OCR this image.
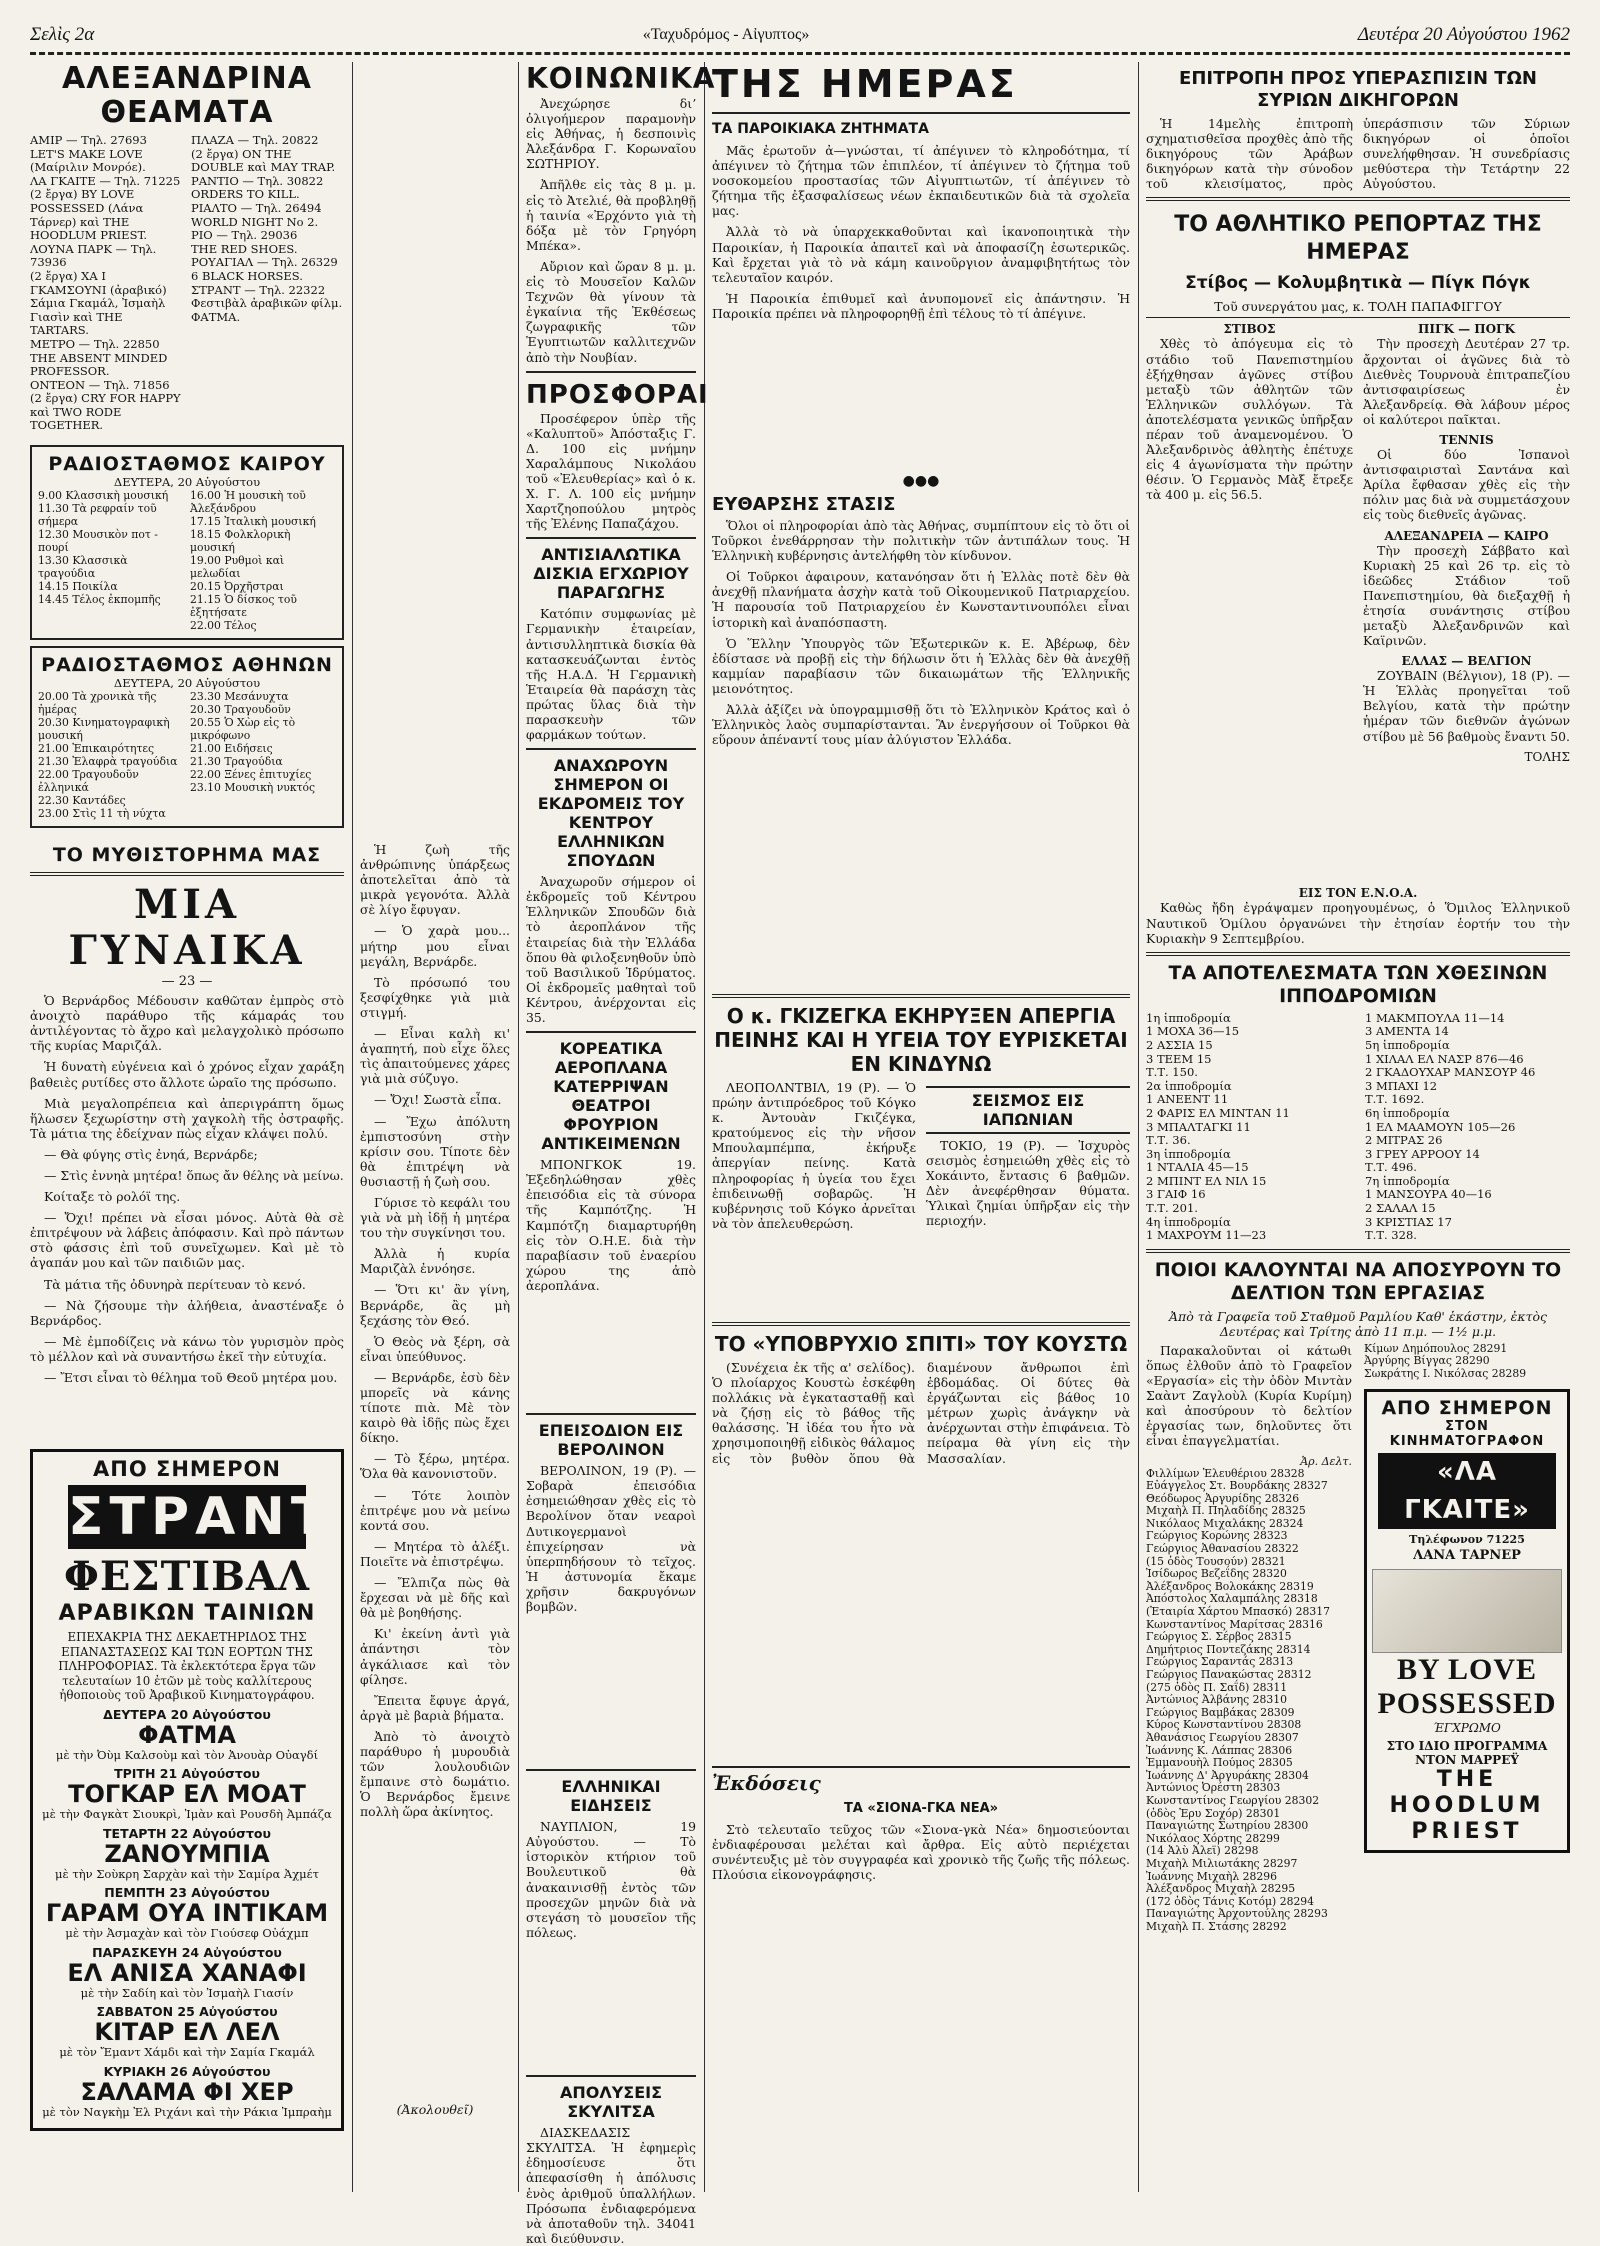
Σελὶς 2α	«Ταχυδρόμος - Αἰγυπτος»	Δευτέρα 20 Αὐγούστου 1962
ΑΛΕΞΑΝΔΡΙΝΑ ΘΕΑΜΑΤΑ
ΑΜΙΡ — Τηλ. 27693
LET'S MAKE LOVE (Μαίριλιν Μονρόε).
ΛΑ ΓΚΑΙΤΕ — Τηλ. 71225
(2 ἔργα) BY LOVE POSSESSED (Λάνα Τάρνερ) καὶ THE HOODLUM PRIEST.
ΛΟΥΝΑ ΠΑΡΚ — Τηλ. 73936
(2 ἔργα) ΧΑ Ι ΓΚΑΜΣΟΥΝΙ (ἀραβικό) Σάμια Γκαμάλ, Ἰσμαὴλ Γιασὶν καὶ THE TARTARS.
ΜΕΤΡΟ — Τηλ. 22850
THE ABSENT MINDED PROFESSOR.
ΟΝΤΕΟΝ — Τηλ. 71856
(2 ἔργα) CRY FOR HAPPY καὶ TWO RODE TOGETHER.
ΠΛΑΖΑ — Τηλ. 20822
(2 ἔργα) ON THE DOUBLE καὶ MAY TRAP.
ΡΑΝΤΙΟ — Τηλ. 30822
ORDERS TO KILL.
ΡΙΑΛΤΟ — Τηλ. 26494
WORLD NIGHT No 2.
ΡΙΟ — Τηλ. 29036
THE RED SHOES.
ΡΟΥΑΓΙΑΛ — Τηλ. 26329
6 BLACK HORSES.
ΣΤΡΑΝΤ — Τηλ. 22322
Φεστιβὰλ ἀραβικῶν φίλμ. ΦΑΤΜΑ.
ΡΑΔΙΟΣΤΑΘΜΟΣ ΚΑΙΡΟΥ
ΔΕΥΤΕΡΑ, 20 Αὐγούστου
9.00 Κλασσικὴ μουσική
11.30 Τὰ ρεφραίν τοῦ σήμερα
12.30 Μουσικὸν ποτ - πουρί
13.30 Κλασσικὰ τραγούδια
14.15 Ποικίλα
14.45 Τέλος ἐκπομπῆς
16.00 Ἡ μουσικὴ τοῦ Ἀλεξάνδρου
17.15 Ἰταλικὴ μουσική
18.15 Φολκλορικὴ μουσική
19.00 Ρυθμοὶ καὶ μελωδίαι
20.15 Ὀρχῆστραι
21.15 Ὁ δίσκος τοῦ ἐξητήσατε
22.00 Τέλος
ΡΑΔΙΟΣΤΑΘΜΟΣ ΑΘΗΝΩΝ
ΔΕΥΤΕΡΑ, 20 Αὐγούστου
20.00 Τὰ χρονικὰ τῆς ἡμέρας
20.30 Κινηματογραφικὴ μουσική
21.00 Ἐπικαιρότητες
21.30 Ἐλαφρὰ τραγούδια
22.00 Τραγουδοῦν ἐλληνικά
22.30 Καντάδες
23.00 Στὶς 11 τὴ νύχτα
23.30 Μεσάνυχτα
20.30 Τραγουδοῦν
20.55 Ὁ Χὼρ εἰς τὸ μικρόφωνο
21.00 Ειδήσεις
21.30 Τραγούδια
22.00 Ξένες ἐπιτυχίες
23.10 Μουσικὴ νυκτός
ΤΟ ΜΥΘΙΣΤΟΡΗΜΑ ΜΑΣ
ΜΙΑ ΓΥΝΑΙΚΑ
— 23 —

Ὁ Βερνάρδος Μέδουσιν καθῶταν ἐμπρὸς στὸ ἀνοιχτὸ παράθυρο τῆς κάμαράς του ἀντιλέγοντας τὸ ἄχρο καὶ μελαγχολικὸ πρόσωπο τῆς κυρίας Μαριζάλ.

Ἡ δυνατὴ εὐγένεια καὶ ὁ χρόνος εἶχαν χαράξη βαθειὲς ρυτίδες στο ἄλλοτε ὡραῖο της πρόσωπο.

Μιὰ μεγαλοπρέπεια καὶ ἀπεριγράπτη ὅμως ἥλωσεν ξεχωρίστην στὴ χαγκολὴ τῆς ὀστραφῆς. Τὰ μάτια της ἐδείχναν πὼς εἶχαν κλάψει πολύ.

— Θὰ φύγης στὶς ἐνηά, Βερνάρδε;

— Στὶς ἐννηὰ μητέρα! ὅπως ἄν θέλης νὰ μείνω.

Κοίταξε τὸ ρολόϊ της.

— Ὄχι! πρέπει νὰ εἶσαι μόνος. Αὐτὰ θὰ σὲ ἐπιτρέψουν νὰ λάβεις ἀπόφασιν. Καὶ πρὸ πάντων στὸ φάσσις ἐπὶ τοῦ συνεῖχωμεν. Καὶ μὲ τὸ ἀγαπάν μου καὶ τῶν παιδιῶν μας.

Τὰ μάτια τῆς ὀδυνηρὰ περίτευαν τὸ κενό.

— Νὰ ζήσουμε τὴν ἀλήθεια, ἀναστέναξε ὁ Βερνάρδος.

— Μὲ ἐμποδίζεις νὰ κάνω τὸν γυρισμὸν πρὸς τὸ μέλλον καὶ νὰ συναντήσω ἐκεῖ τὴν εὐτυχία.

— Ἔτσι εἶναι τὸ θέλημα τοῦ Θεοῦ μητέρα μου.

ΑΠΟ ΣΗΜΕΡΟΝ
ΣΤΡΑΝΤ
ΦΕΣΤΙΒΑΛ
ΑΡΑΒΙΚΩΝ ΤΑΙΝΙΩΝ
ΕΠΕΧΑΚΡΙΑ ΤΗΣ ΔΕΚΑΕΤΗΡΙΔΟΣ ΤΗΣ ΕΠΑΝΑΣΤΑΣΕΩΣ ΚΑΙ ΤΩΝ ΕΟΡΤΩΝ ΤΗΣ ΠΛΗΡΟΦΟΡΙΑΣ. Τὰ ἐκλεκτότερα ἔργα τῶν τελευταίων 10 ἐτῶν μὲ τοὺς καλλίτερους ἠθοποιοὺς τοῦ Ἀραβικοῦ Κινηματογράφου.
ΔΕΥΤΕΡΑ 20 Αὐγούστου
ΦΑΤΜΑ
μὲ τὴν Ὀὺμ Καλσοὺμ καὶ τὸν Ἀνουὰρ Οὐαγδί
ΤΡΙΤΗ 21 Αὐγούστου
ΤΟΓΚΑΡ ΕΛ ΜΟΑΤ
μὲ τὴν Φαγκὰτ Σιουκρὶ, Ἰμὰν καὶ Ρουσδὴ Ἀμπάζα
ΤΕΤΑΡΤΗ 22 Αὐγούστου
ΖΑΝΟΥΜΠΙΑ
μὲ τὴν Σοὺκρη Σαρχὰν καὶ τὴν Σαμίρα Ἀχμέτ
ΠΕΜΠΤΗ 23 Αὐγούστου
ΓΑΡΑΜ ΟΥΑ ΙΝΤΙΚΑΜ
μὲ τὴν Ἀσμαχὰν καὶ τὸν Γιούσεφ Οὐάχμπ
ΠΑΡΑΣΚΕΥΗ 24 Αὐγούστου
ΕΛ ΑΝΙΣΑ ΧΑΝΑΦΙ
μὲ τὴν Σαδίη καὶ τὸν Ἰσμαὴλ Γιασίν
ΣΑΒΒΑΤΟΝ 25 Αὐγούστου
ΚΙΤΑΡ ΕΛ ΛΕΛ
μὲ τὸν Ἔμαντ Χάμδι καὶ τὴν Σαμία Γκαμάλ
ΚΥΡΙΑΚΗ 26 Αὐγούστου
ΣΑΛΑΜΑ ΦΙ ΧΕΡ
μὲ τὸν Ναγκὴμ Ἐλ Ριχάνι καὶ τὴν Ράκια Ἰμπραὴμ

Ἡ ζωὴ τῆς ἀνθρώπινης ὑπάρξεως ἀποτελεῖται ἀπὸ τὰ μικρὰ γεγονότα. Ἀλλὰ σὲ λίγο ἔφυγαν.

— Ὁ χαρὰ μου... μήτηρ μου εἶναι μεγάλη, Βερνάρδε.

Τὸ πρόσωπό του ξεσφίχθηκε γιὰ μιὰ στιγμή.

— Εἶναι καλὴ κι' ἀγαπητή, ποὺ εἶχε ὅλες τὶς ἀπαιτούμενες χάρες γιὰ μιὰ σύζυγο.

— Ὄχι! Σωστὰ εἶπα.

— Ἔχω ἀπόλυτη ἐμπιστοσύνη στὴν κρίσιν σου. Τίποτε δὲν θὰ ἐπιτρέψη νὰ θυσιαστῇ ἡ ζωὴ σου.

Γύρισε τὸ κεφάλι του γιὰ νὰ μὴ ἰδῇ ἡ μητέρα του τὴν συγκίνησι του.

Ἀλλὰ ἡ κυρία Μαριζὰλ ἐννόησε.

— Ὅτι κι' ἂν γίνη, Βερνάρδε, ἂς μὴ ξεχάσης τὸν Θεό.

Ὁ Θεὸς νὰ ξέρη, σὰ εἶναι ὑπεύθυνος.

— Βερνάρδε, ἐσὺ δὲν μπορεῖς νὰ κάνης τίποτε πιὰ. Μὲ τὸν καιρὸ θὰ ἰδῇς πὼς ἔχει δίκηο.

— Τὸ ξέρω, μητέρα. Ὅλα θὰ κανονιστοῦν.

— Τότε λοιπὸν ἐπιτρέψε μου νὰ μείνω κοντά σου.

— Μητέρα τὸ ἀλέξι. Ποιεῖτε νὰ ἐπιστρέψω.

— Ἔλπιζα πὼς θὰ ἔρχεσαι νὰ μὲ δῆς καὶ θὰ μὲ βοηθήσης.

Κι' ἐκείνη ἀντὶ γιὰ ἀπάντησι τὸν ἀγκάλιασε καὶ τὸν φίλησε.

Ἔπειτα ἔφυγε ἀργά, ἀργὰ μὲ βαριὰ βήματα.

Ἀπὸ τὸ ἀνοιχτὸ παράθυρο ἡ μυρουδιὰ τῶν λουλουδιῶν ἔμπαινε στὸ δωμάτιο. Ὁ Βερνάρδος ἔμεινε πολλὴ ὥρα ἀκίνητος.

(Ἀκολουθεῖ)
ΚΟΙΝΩΝΙΚΑ

Ἀνεχώρησε διʼ ὀλιγοήμερον παραμονὴν εἰς Ἀθήνας, ἡ δεσποινὶς Ἀλεξάνδρα Γ. Κορωναῖου ΣΩΤΗΡΙΟΥ.

Ἀπῆλθε εἰς τὰς 8 μ. μ. εἰς τὸ Ἀτελιέ, θὰ προβληθῇ ἡ ταινία «Ἐρχόντο γιὰ τὴ δόξα μὲ τὸν Γρηγόρη Μπέκα».

Αὔριον καὶ ὥραν 8 μ. μ. εἰς τὸ Μουσεῖον Καλῶν Τεχνῶν θὰ γίνουν τὰ ἐγκαίνια τῆς Ἐκθέσεως ζωγραφικῆς τῶν Ἐγυπτιωτῶν καλλιτεχνῶν ἀπὸ τὴν Νουβίαν.

ΠΡΟΣΦΟΡΑΙ

Προσέφερον ὑπὲρ τῆς «Καλυπτοῦ» Ἀπόσταξις Γ. Δ. 100 εἰς μνήμην Χαραλάμπους Νικολάου τοῦ «Ἐλευθερίας» καὶ ὁ κ. Χ. Γ. Λ. 100 εἰς μνήμην Χαρτζηοπούλου μητρὸς τῆς Ἐλένης Παπαζάχου.

ΑΝΤΙΣΙΑΛΩΤΙΚΑ ΔΙΣΚΙΑ ΕΓΧΩΡΙΟΥ ΠΑΡΑΓΩΓΗΣ

Κατόπιν συμφωνίας μὲ Γερμανικὴν ἑταιρείαν, ἀντισυλληπτικὰ δισκία θὰ κατασκευάζωνται ἐντὸς τῆς Η.Α.Δ. Ἡ Γερμανικὴ Ἑταιρεία θὰ παράσχη τὰς πρώτας ὕλας διὰ τὴν παρασκευὴν τῶν φαρμάκων τούτων.

ΑΝΑΧΩΡΟΥΝ ΣΗΜΕΡΟΝ ΟΙ ΕΚΔΡΟΜΕΙΣ ΤΟΥ ΚΕΝΤΡΟΥ ΕΛΛΗΝΙΚΩΝ ΣΠΟΥΔΩΝ

Ἀναχωροῦν σήμερον οἱ ἐκδρομεῖς τοῦ Κέντρου Ἑλληνικῶν Σπουδῶν διὰ τὸ ἀεροπλάνον τῆς ἐταιρείας διὰ τὴν Ἑλλάδα ὅπου θὰ φιλοξενηθοῦν ὑπὸ τοῦ Βασιλικοῦ Ἱδρύματος. Οἱ ἐκδρομεῖς μαθηταὶ τοῦ Κέντρου, ἀνέρχονται εἰς 35.

ΚΟΡΕΑΤΙΚΑ ΑΕΡΟΠΛΑΝΑ ΚΑΤΕΡΡΙΨΑΝ ΘΕΑΤΡΟΙ ΦΡΟΥΡΙΟΝ ΑΝΤΙΚΕΙΜΕΝΩΝ

ΜΠΟΝΓΚΟΚ 19. Ἐξεδηλώθησαν χθὲς ἐπεισόδια εἰς τὰ σύνορα τῆς Καμπότζης. Ἡ Καμπότζη διαμαρτυρήθη εἰς τὸν Ο.Η.Ε. διὰ τὴν παραβίασιν τοῦ ἐναερίου χώρου της ἀπὸ ἀεροπλάνα.

ΕΠΕΙΣΟΔΙΟΝ ΕΙΣ ΒΕΡΟΛΙΝΟΝ

ΒΕΡΟΛΙΝΟΝ, 19 (Ρ). — Σοβαρὰ ἐπεισόδια ἐσημειώθησαν χθὲς εἰς τὸ Βερολίνον ὅταν νεαροὶ Δυτικογερμανοὶ ἐπιχείρησαν νὰ ὑπερπηδήσουν τὸ τεῖχος. Ἡ ἀστυνομία ἔκαμε χρῆσιν δακρυγόνων βομβῶν.

ΕΛΛΗΝΙΚΑΙ ΕΙΔΗΣΕΙΣ

ΝΑΥΠΛΙΟΝ, 19 Αὐγούστου. — Τὸ ἱστορικὸν κτήριον τοῦ Βουλευτικοῦ θὰ ἀνακαινισθῇ ἐντὸς τῶν προσεχῶν μηνῶν διὰ νὰ στεγάση τὸ μουσεῖον τῆς πόλεως.

ΑΠΟΛΥΣΕΙΣ ΣΚΥΛΙΤΣΑ

ΔΙΑΣΚΕΔΑΣΙΣ ΣΚΥΛΙΤΣΑ. Ἡ ἐφημερὶς ἐδημοσίευσε ὅτι ἀπεφασίσθη ἡ ἀπόλυσις ἑνὸς ἀριθμοῦ ὑπαλλήλων. Πρόσωπα ἐνδιαφερόμενα νὰ ἀποταθοῦν τηλ. 34041 καὶ διεύθυνσιν.

ΤΗΣ ΗΜΕΡΑΣ
ΤΑ ΠΑΡΟΙΚΙΑΚΑ ΖΗΤΗΜΑΤΑ

Μᾶς ἐρωτοῦν ἀ—γνώσται, τί ἀπέγινεν τὸ κληροδότημα, τί ἀπέγινεν τὸ ζήτημα τῶν ἐπιπλέον, τί ἀπέγινεν τὸ ζήτημα τοῦ νοσοκομείου προστασίας τῶν Αἰγυπτιωτῶν, τί ἀπέγινεν τὸ ζήτημα τῆς ἐξασφαλίσεως νέων ἐκπαιδευτικῶν διὰ τὰ σχολεῖα μας.

Ἀλλὰ τὸ νὰ ὑπαρχεκκαθοῦνται καὶ ἱκανοποιητικὰ τὴν Παροικίαν, ἡ Παροικία ἀπαιτεῖ καὶ νὰ ἀποφασίζη ἐσωτερικῶς. Καὶ ἔρχεται γιὰ τὸ νὰ κάμη καινοῦργιον ἀναμφιβητήτως τὸν τελευταῖον καιρόν.

Ἡ Παροικία ἐπιθυμεῖ καὶ ἀνυπομονεῖ εἰς ἀπάντησιν. Ἡ Παροικία πρέπει νὰ πληροφορηθῇ ἐπὶ τέλους τὸ τί ἀπέγινε.

●●●
ΕΥΘΑΡΣΗΣ ΣΤΑΣΙΣ

Ὅλοι οἱ πληροφορίαι ἀπὸ τὰς Ἀθήνας, συμπίπτουν εἰς τὸ ὅτι οἱ Τοῦρκοι ἐνεθάρρησαν τὴν πολιτικὴν τῶν ἀντιπάλων τους. Ἡ Ἑλληνικὴ κυβέρνησις ἀντελήφθη τὸν κίνδυνον.

Οἱ Τοῦρκοι ἀφαιρουν, κατανόησαν ὅτι ἡ Ἑλλὰς ποτὲ δὲν θὰ ἀνεχθῇ πλανήματα ἀσχὴν κατὰ τοῦ Οἰκουμενικοῦ Πατριαρχείου. Ἡ παρουσία τοῦ Πατριαρχείου ἐν Κωνσταντινουπόλει εἶναι ἱστορικὴ καὶ ἀναπόσπαστη.

Ὁ Ἕλλην Ὑπουργὸς τῶν Ἐξωτερικῶν κ. Ε. Ἀβέρωφ, δὲν ἐδίστασε νὰ προβῇ εἰς τὴν δήλωσιν ὅτι ἡ Ἑλλὰς δὲν θὰ ἀνεχθῇ καμμίαν παραβίασιν τῶν δικαιωμάτων τῆς Ἑλληνικῆς μειονότητος.

Ἀλλὰ ἀξίζει νὰ ὑπογραμμισθῇ ὅτι τὸ Ἑλληνικὸν Κράτος καὶ ὁ Ἑλληνικὸς λαὸς συμπαρίστανται. Ἂν ἐνεργήσουν οἱ Τοῦρκοι θὰ εὕρουν ἀπέναντί τους μίαν ἀλύγιστον Ἑλλάδα.

Ο κ. ΓΚΙΖΕΓΚΑ ΕΚΗΡΥΞΕΝ ΑΠΕΡΓΙΑ ΠΕΙΝΗΣ ΚΑΙ Η ΥΓΕΙΑ ΤΟΥ ΕΥΡΙΣΚΕΤΑΙ ΕΝ ΚΙΝΔΥΝΩ

ΛΕΟΠΟΛΝΤΒΙΛ, 19 (Ρ). — Ὁ πρώην ἀντιπρόεδρος τοῦ Κόγκο κ. Ἀντουὰν Γκιζέγκα, κρατούμενος εἰς τὴν νῆσον Μπουλαμπέμπα, ἐκήρυξε ἀπεργίαν πείνης. Κατὰ πληροφορίας ἡ ὑγεία του ἔχει ἐπιδεινωθῇ σοβαρῶς. Ἡ κυβέρνησις τοῦ Κόγκο ἀρνεῖται νὰ τὸν ἀπελευθερώση.

ΣΕΙΣΜΟΣ ΕΙΣ ΙΑΠΩΝΙΑΝ

ΤΟΚΙΟ, 19 (Ρ). — Ἰσχυρὸς σεισμὸς ἐσημειώθη χθὲς εἰς τὸ Χοκάιντο, ἔντασις 6 βαθμῶν. Δὲν ἀνεφέρθησαν θύματα. Ὑλικαὶ ζημίαι ὑπῆρξαν εἰς τὴν περιοχήν.

ΤΟ «ΥΠΟΒΡΥΧΙΟ ΣΠΙΤΙ» ΤΟΥ ΚΟΥΣΤΩ

(Συνέχεια ἐκ τῆς α' σελίδος). Ὁ πλοίαρχος Κουστὼ ἐσκέφθη πολλάκις νὰ ἐγκατασταθῇ καὶ νὰ ζήσῃ εἰς τὸ βάθος τῆς θαλάσσης. Ἡ ἰδέα του ἦτο νὰ χρησιμοποιηθῇ εἰδικὸς θάλαμος εἰς τὸν βυθὸν ὅπου θὰ διαμένουν ἄνθρωποι ἐπὶ ἑβδομάδας. Οἱ δύτες θὰ ἐργάζωνται εἰς βάθος 10 μέτρων χωρὶς ἀνάγκην νὰ ἀνέρχωνται στὴν ἐπιφάνεια. Τὸ πείραμα θὰ γίνη εἰς τὴν Μασσαλίαν.

Ἐκδόσεις
ΤΑ «ΣΙΟΝΑ-ΓΚΑ ΝΕΑ»

Στὸ τελευταῖο τεῦχος τῶν «Σιονα-γκὰ Νέα» δημοσιεύονται ἐνδιαφέρουσαι μελέται καὶ ἄρθρα. Εἰς αὐτὸ περιέχεται συνέντευξις μὲ τὸν συγγραφέα καὶ χρονικὸ τῆς ζωῆς τῆς πόλεως. Πλούσια εἰκονογράφησις.

ΕΠΙΤΡΟΠΗ ΠΡΟΣ ΥΠΕΡΑΣΠΙΣΙΝ ΤΩΝ ΣΥΡΙΩΝ ΔΙΚΗΓΟΡΩΝ

Ἡ 14μελὴς ἐπιτροπὴ σχηματισθεῖσα προχθὲς ἀπὸ τῆς δικηγόρους τῶν Ἀράβων δικηγόρων κατὰ τὴν σύνοδον τοῦ κλεισίματος, πρὸς ὑπεράσπισιν τῶν Σύριων δικηγόρων οἱ ὁποῖοι συνελήφθησαν. Ἡ συνεδρίασις μεθύστερα τὴν Τετάρτην 22 Αὐγούστου.

ΤΟ ΑΘΛΗΤΙΚΟ ΡΕΠΟΡΤΑΖ ΤΗΣ ΗΜΕΡΑΣ
Στίβος — Κολυμβητικὰ — Πίγκ Πόγκ
Τοῦ συνεργάτου μας, κ. ΤΟΛΗ ΠΑΠΑΦΙΓΓΟΥ
ΣΤΙΒΟΣ

Χθὲς τὸ ἀπόγευμα εἰς τὸ στάδιο τοῦ Πανεπιστημίου ἐξήχθησαν ἀγῶνες στίβου μεταξὺ τῶν ἀθλητῶν τῶν Ἑλληνικῶν συλλόγων. Τὰ ἀποτελέσματα γενικῶς ὑπῆρξαν πέραν τοῦ ἀναμενομένου. Ὁ Ἀλεξανδρινὸς ἀθλητὴς ἐπέτυχε εἰς 4 ἀγωνίσματα τὴν πρώτην θέσιν. Ὁ Γερμανὸς Μὰξ ἔτρεξε τὰ 400 μ. εἰς 56.5.

ΠΙΓΚ — ΠΟΓΚ

Τὴν προσεχὴ Δευτέραν 27 τρ. ἄρχονται οἱ ἀγῶνες διὰ τὸ Διεθνὲς Τουρνουὰ ἐπιτραπεζίου ἀντισφαιρίσεως ἐν Ἀλεξανδρείᾳ. Θὰ λάβουν μέρος οἱ καλύτεροι παῖκται.

TENNIS

Οἱ δύο Ἰσπανοὶ ἀντισφαιρισταὶ Σαντάνα καὶ Ἀρίλα ἔφθασαν χθὲς εἰς τὴν πόλιν μας διὰ νὰ συμμετάσχουν εἰς τοὺς διεθνεῖς ἀγῶνας.

ΑΛΕΞΑΝΔΡΕΙΑ — ΚΑΙΡΟ

Τὴν προσεχὴ Σάββατο καὶ Κυριακὴ 25 καὶ 26 τρ. εἰς τὸ ἰδεῶδες Στάδιον τοῦ Πανεπιστημίου, θὰ διεξαχθῇ ἡ ἐτησία συνάντησις στίβου μεταξὺ Ἀλεξανδρινῶν καὶ Καϊρινῶν.

ΕΛΛΑΣ — ΒΕΛΓΙΟΝ

ΖΟΥΒΑΙΝ (Βέλγιον), 18 (Ρ). — Ἡ Ἑλλὰς προηγεῖται τοῦ Βελγίου, κατὰ τὴν πρώτην ἡμέραν τῶν διεθνῶν ἀγώνων στίβου μὲ 56 βαθμοὺς ἔναντι 50.

ΤΟΛΗΣ
ΕΙΣ ΤΟΝ Ε.Ν.Ο.Α.

Καθὼς ἤδη ἐγράψαμεν προηγουμένως, ὁ Ὅμιλος Ἑλληνικοῦ Ναυτικοῦ Ὁμίλου ὀργανώνει τὴν ἐτησίαν ἑορτήν του τὴν Κυριακὴν 9 Σεπτεμβρίου.

ΤΑ ΑΠΟΤΕΛΕΣΜΑΤΑ ΤΩΝ ΧΘΕΣΙΝΩΝ ΙΠΠΟΔΡΟΜΙΩΝ
1η ἱπποδρομία
1 ΜΟΧΑ 36—15
2 ΑΣΣΙΑ 15
3 ΤΕΕΜ 15
Τ.Τ. 150.
2α ἱπποδρομία
1 ΑΝΕΕΝΤ 11
2 ΦΑΡΙΣ ΕΛ ΜΙΝΤΑΝ 11
3 ΜΠΑΛΤΑΓΚΙ 11
Τ.Τ. 36.
3η ἱπποδρομία
1 ΝΤΑΛΙΑ 45—15
2 ΜΠΙΝΤ ΕΛ ΝΙΛ 15
3 ΓΑΙΦ 16
Τ.Τ. 201.
4η ἱπποδρομία
1 ΜΑΧΡΟΥΜ 11—23
1 ΜΑΚΜΠΟΥΛΑ 11—14
3 ΑΜΕΝΤΑ 14
5η ἱπποδρομία
1 ΧΙΛΑΛ ΕΛ ΝΑΣΡ 876—46
2 ΓΚΑΔΟΥΧΑΡ ΜΑΝΣΟΥΡ 46
3 ΜΠΑΧΙ 12
Τ.Τ. 1692.
6η ἱπποδρομία
1 ΕΛ ΜΑΑΜΟΥΝ 105—26
2 ΜΙΤΡΑΣ 26
3 ΓΡΕΥ ΑΡΡΟΟΥ 14
Τ.Τ. 496.
7η ἱπποδρομία
1 ΜΑΝΣΟΥΡΑ 40—16
2 ΣΑΛΑΛ 15
3 ΚΡΙΣΤΙΑΣ 17
Τ.Τ. 328.
ΠΟΙΟΙ ΚΑΛΟΥΝΤΑΙ ΝΑ ΑΠΟΣΥΡΟΥΝ ΤΟ ΔΕΛΤΙΟΝ ΤΩΝ ΕΡΓΑΣΙΑΣ
Ἀπὸ τὰ Γραφεῖα τοῦ Σταθμοῦ Ραμλίου Καθ' ἑκάστην, ἐκτὸς Δευτέρας καὶ Τρίτης ἀπὸ 11 π.μ. — 1½ μ.μ.

Παρακαλοῦνται οἱ κάτωθι ὅπως ἐλθοῦν ἀπὸ τὸ Γραφεῖον «Εργασία» εἰς τὴν ὁδὸν Μιντὰν Σαὰντ Ζαγλοὺλ (Κυρία Κυρίμη) καὶ ἀποσύρουν τὸ δελτίον ἐργασίας των, δηλοῦντες ὅτι εἶναι ἐπαγγελματίαι.

Ἀρ. Δελτ.
Φιλλίμων Ἐλευθέριου 28328
Εὐάγγελος Στ. Βουρδάκης 28327
Θεόδωρος Ἀργυρίδης 28326
Μιχαὴλ Π. Πηλαδίδης 28325
Νικόλαος Μιχαλάκης 28324
Γεώργιος Κορώνης 28323
Γεώργιος Ἀθανασίου 28322
(15 ὁδὸς Τουσούν) 28321
Ἰσίδωρος Βεζεΐδης 28320
Ἀλέξανδρος Βολοκάκης 28319
Ἀπόστολος Χαλαμπάλης 28318
(Ἑταιρία Χάρτου Μπασκό) 28317
Κωνσταντίνος Μαρίτσας 28316
Γεώργιος Σ. Σέρβος 28315
Δημήτριος Ποντεζάκης 28314
Γεώργιος Σαραντάς 28313
Γεώργιος Πανακώστας 28312
(275 ὁδὸς Π. Σαΐδ) 28311
Ἀντώνιος Ἀλβάνης 28310
Γεώργιος Βαμβάκας 28309
Κύρος Κωνσταντίνου 28308
Ἀθανάσιος Γεωργίου 28307
Ἰωάννης Κ. Λάππας 28306
Ἐμμανουὴλ Πούμος 28305
Ἰωάννης Δ' Ἀργυράκης 28304
Ἀντώνιος Ὀρέστη 28303
Κωνσταντίνος Γεωργίου 28302
(ὁδὸς Ἐρυ Σοχόρ) 28301
Παναγιώτης Σωτηρίου 28300
Νικόλαος Χόρτης 28299
(14 Ἀλὺ Ἀλεϊ) 28298
Μιχαὴλ Μιλιωτάκης 28297
Ἰωάννης Μιχαὴλ 28296
Ἀλέξανδρος Μιχαὴλ 28295
(172 ὁδὸς Τάνις Κοτόμ) 28294
Παναγιώτης Ἀρχοντούλης 28293
Μιχαὴλ Π. Στάσης 28292
Κίμων Δημόπουλος 28291
Ἀργύρης Βίγγας 28290
Σωκράτης Ι. Νικόλσας 28289
ΑΠΟ ΣΗΜΕΡΟΝ
ΣΤΟΝ ΚΙΝΗΜΑΤΟΓΡΑΦΟΝ
«ΛΑ ΓΚΑΙΤΕ»
Τηλέφωνον 71225
ΛΑΝΑ ΤΑΡΝΕΡ
BY LOVE POSSESSED
ΈΓΧΡΩΜΟ
ΣΤΟ ΙΔΙΟ ΠΡΟΓΡΑΜΜΑ
ΝΤΟΝ ΜΑΡΡΕΫ
THE HOODLUM PRIEST
